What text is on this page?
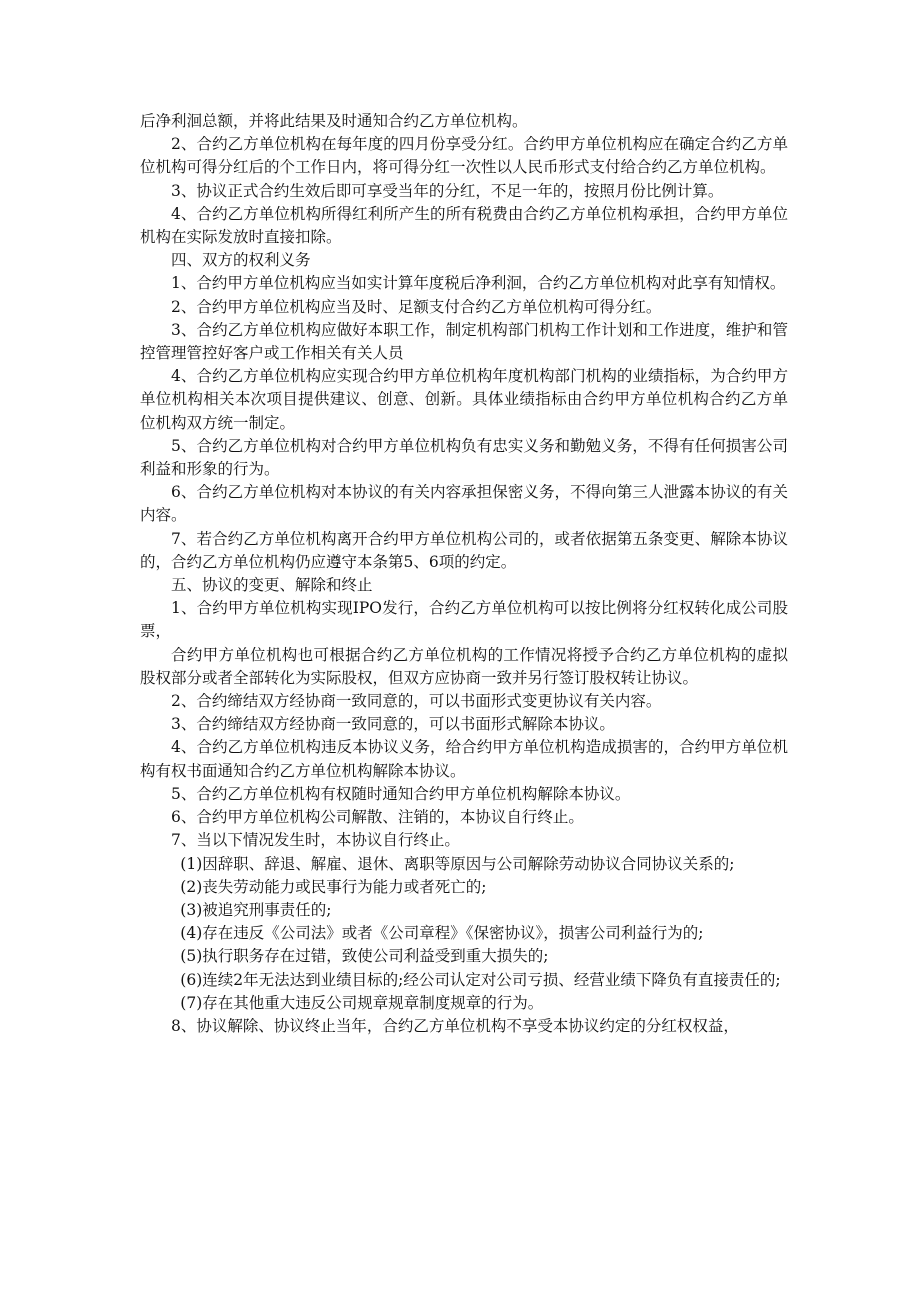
后净利洄总额，并将此结果及时通知合约乙方单位机构。

2、合约乙方单位机构在每年度的四月份享受分红。合约甲方单位机构应在确定合约乙方单位机构可得分红后的个工作日内，将可得分红一次性以人民币形式支付给合约乙方单位机构。

3、协议正式合约生效后即可享受当年的分红，不足一年的，按照月份比例计算。

4、合约乙方单位机构所得红利所产生的所有税费由合约乙方单位机构承担，合约甲方单位机构在实际发放时直接扣除。

四、双方的权利义务

1、合约甲方单位机构应当如实计算年度税后净利洄，合约乙方单位机构对此享有知情权。

2、合约甲方单位机构应当及时、足额支付合约乙方单位机构可得分红。

3、合约乙方单位机构应做好本职工作，制定机构部门机构工作计划和工作进度，维护和管控管理管控好客户或工作相关有关人员

4、合约乙方单位机构应实现合约甲方单位机构年度机构部门机构的业绩指标，为合约甲方单位机构相关本次项目提供建议、创意、创新。具体业绩指标由合约甲方单位机构合约乙方单位机构双方统一制定。

5、合约乙方单位机构对合约甲方单位机构负有忠实义务和勤勉义务，不得有任何损害公司利益和形象的行为。

6、合约乙方单位机构对本协议的有关内容承担保密义务，不得向第三人泄露本协议的有关内容。

7、若合约乙方单位机构离开合约甲方单位机构公司的，或者依据第五条变更、解除本协议的，合约乙方单位机构仍应遵守本条第5、6项的约定。

五、协议的变更、解除和终止

1、合约甲方单位机构实现IPO发行，合约乙方单位机构可以按比例将分红权转化成公司股票，

合约甲方单位机构也可根据合约乙方单位机构的工作情况将授予合约乙方单位机构的虚拟股权部分或者全部转化为实际股权，但双方应协商一致并另行签订股权转让协议。

2、合约缔结双方经协商一致同意的，可以书面形式变更协议有关内容。

3、合约缔结双方经协商一致同意的，可以书面形式解除本协议。

4、合约乙方单位机构违反本协议义务，给合约甲方单位机构造成损害的，合约甲方单位机构有权书面通知合约乙方单位机构解除本协议。

5、合约乙方单位机构有权随时通知合约甲方单位机构解除本协议。

6、合约甲方单位机构公司解散、注销的，本协议自行终止。

7、当以下情况发生时，本协议自行终止。

(1)因辞职、辞退、解雇、退休、离职等原因与公司解除劳动协议合同协议关系的;

(2)丧失劳动能力或民事行为能力或者死亡的;

(3)被追究刑事责任的;

(4)存在违反《公司法》或者《公司章程》《保密协议》，损害公司利益行为的;

(5)执行职务存在过错，致使公司利益受到重大损失的;

(6)连续2年无法达到业绩目标的;经公司认定对公司亏损、经营业绩下降负有直接责任的;

(7)存在其他重大违反公司规章规章制度规章的行为。

8、协议解除、协议终止当年，合约乙方单位机构不享受本协议约定的分红权权益，
